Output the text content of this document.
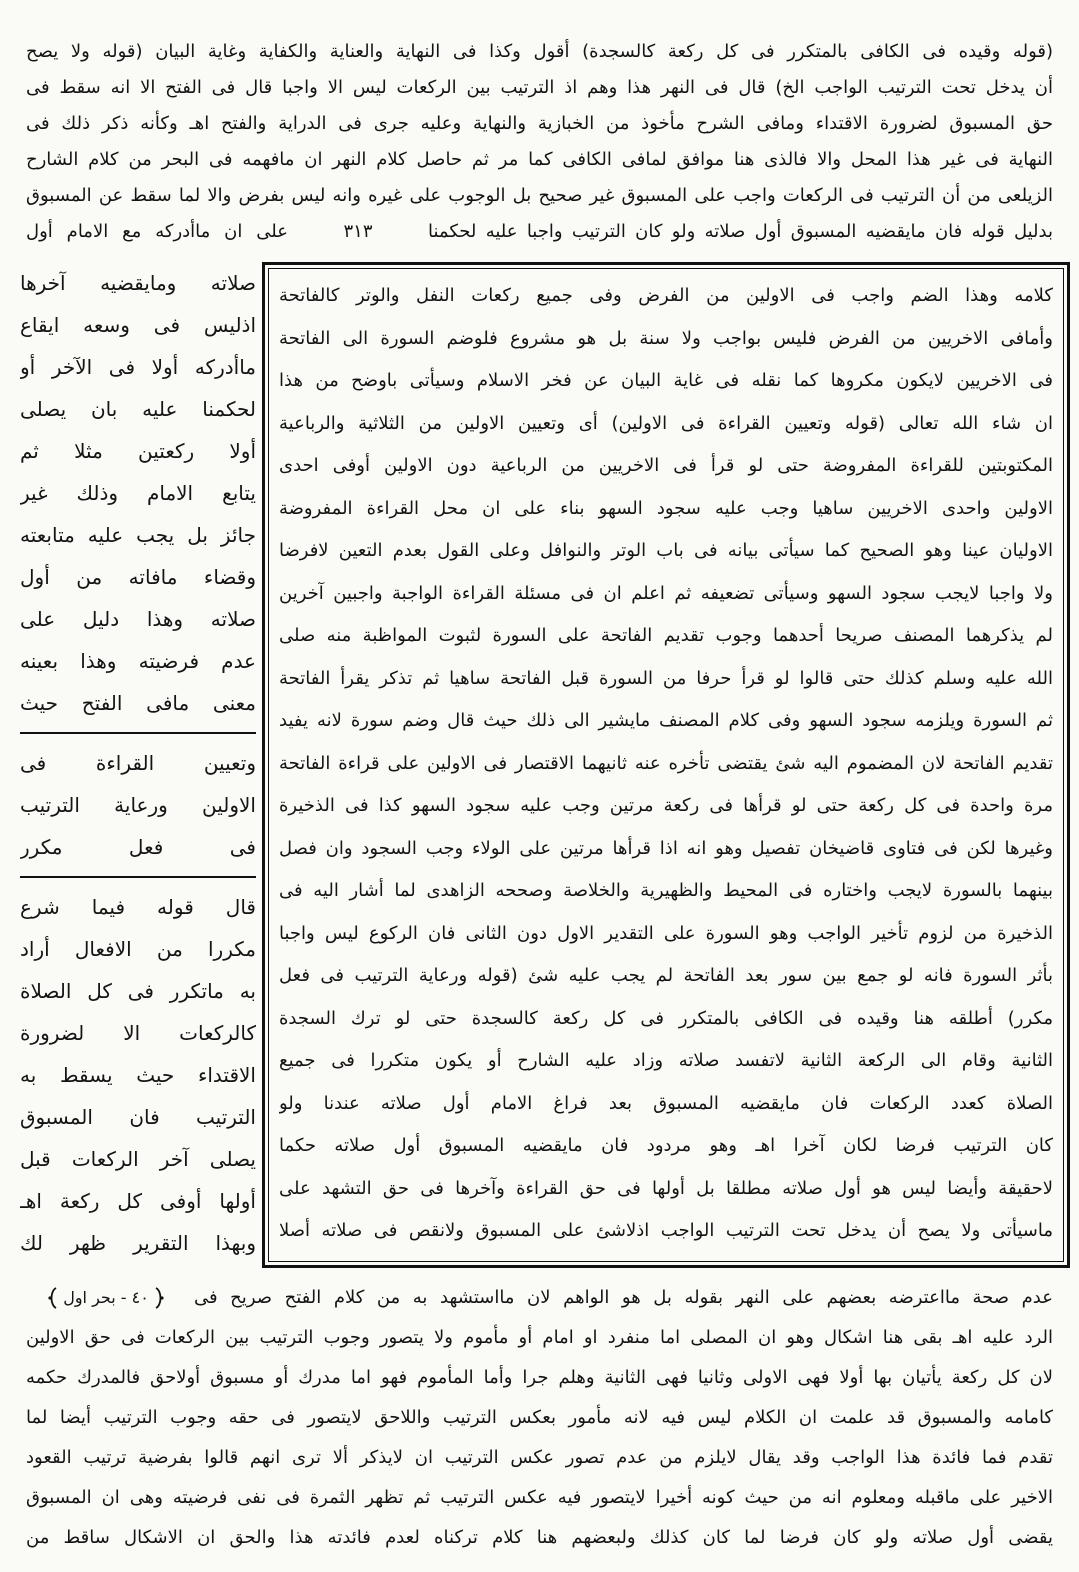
(قوله وقيده فى الكافى بالمتكرر فى كل ركعة كالسجدة) أقول وكذا فى النهاية والعناية والكفاية وغاية البيان (قوله ولا يصح
أن يدخل تحت الترتيب الواجب الخ) قال فى النهر هذا وهم اذ الترتيب بين الركعات ليس الا واجبا قال فى الفتح الا انه سقط فى
حق المسبوق لضرورة الاقتداء ومافى الشرح مأخوذ من الخبازية والنهاية وعليه جرى فى الدراية والفتح اهـ وكأنه ذكر ذلك فى
النهاية فى غير هذا المحل والا فالذى هنا موافق لمافى الكافى كما مر ثم حاصل كلام النهر ان مافهمه فى البحر من كلام الشارح
الزيلعى من أن الترتيب فى الركعات واجب على المسبوق غير صحيح بل الوجوب على غيره وانه ليس بفرض والا لما سقط عن المسبوق
بدليل قوله فان مايقضيه المسبوق أول صلاته ولو كان الترتيب واجبا عليه لحكمنا
٣١٣
على ان ماأدركه مع الامام أول
كلامه وهذا الضم واجب فى الاولين من الفرض وفى جميع ركعات النفل والوتر كالفاتحة
وأمافى الاخريين من الفرض فليس بواجب ولا سنة بل هو مشروع فلوضم السورة الى الفاتحة
فى الاخريين لايكون مكروها كما نقله فى غاية البيان عن فخر الاسلام وسيأتى باوضح من هذا
ان شاء الله تعالى (قوله وتعيين القراءة فى الاولين) أى وتعيين الاولين من الثلاثية والرباعية
المكتوبتين للقراءة المفروضة حتى لو قرأ فى الاخريين من الرباعية دون الاولين أوفى احدى
الاولين واحدى الاخريين ساهيا وجب عليه سجود السهو بناء على ان محل القراءة المفروضة
الاوليان عينا وهو الصحيح كما سيأتى بيانه فى باب الوتر والنوافل وعلى القول بعدم التعين لافرضا
ولا واجبا لايجب سجود السهو وسيأتى تضعيفه ثم اعلم ان فى مسئلة القراءة الواجبة واجبين آخرين
لم يذكرهما المصنف صريحا أحدهما وجوب تقديم الفاتحة على السورة لثبوت المواظبة منه صلى
الله عليه وسلم كذلك حتى قالوا لو قرأ حرفا من السورة قبل الفاتحة ساهيا ثم تذكر يقرأ الفاتحة
ثم السورة ويلزمه سجود السهو وفى كلام المصنف مايشير الى ذلك حيث قال وضم سورة لانه يفيد
تقديم الفاتحة لان المضموم اليه شئ يقتضى تأخره عنه ثانيهما الاقتصار فى الاولين على قراءة الفاتحة
مرة واحدة فى كل ركعة حتى لو قرأها فى ركعة مرتين وجب عليه سجود السهو كذا فى الذخيرة
وغيرها لكن فى فتاوى قاضيخان تفصيل وهو انه اذا قرأها مرتين على الولاء وجب السجود وان فصل
بينهما بالسورة لايجب واختاره فى المحيط والظهيرية والخلاصة وصححه الزاهدى لما أشار اليه فى
الذخيرة من لزوم تأخير الواجب وهو السورة على التقدير الاول دون الثانى فان الركوع ليس واجبا
بأثر السورة فانه لو جمع بين سور بعد الفاتحة لم يجب عليه شئ (قوله ورعاية الترتيب فى فعل
مكرر) أطلقه هنا وقيده فى الكافى بالمتكرر فى كل ركعة كالسجدة حتى لو ترك السجدة
الثانية وقام الى الركعة الثانية لاتفسد صلاته وزاد عليه الشارح أو يكون متكررا فى جميع
الصلاة كعدد الركعات فان مايقضيه المسبوق بعد فراغ الامام أول صلاته عندنا ولو
كان الترتيب فرضا لكان آخرا اهـ وهو مردود فان مايقضيه المسبوق أول صلاته حكما
لاحقيقة وأيضا ليس هو أول صلاته مطلقا بل أولها فى حق القراءة وآخرها فى حق التشهد على
ماسيأتى ولا يصح أن يدخل تحت الترتيب الواجب اذلاشئ على المسبوق ولانقص فى صلاته أصلا
صلاته ومايقضيه آخرها
اذليس فى وسعه ايقاع
ماأدركه أولا فى الآخر أو
لحكمنا عليه بان يصلى
أولا ركعتين مثلا ثم
يتابع الامام وذلك غير
جائز بل يجب عليه متابعته
وقضاء مافاته من أول
صلاته وهذا دليل على
عدم فرضيته وهذا بعينه
معنى مافى الفتح حيث
وتعيين القراءة فى
الاولين ورعاية الترتيب
فى فعل مكرر
قال قوله فيما شرع
مكررا من الافعال أراد
به ماتكرر فى كل الصلاة
كالركعات الا لضرورة
الاقتداء حيث يسقط به
الترتيب فان المسبوق
يصلى آخر الركعات قبل
أولها أوفى كل ركعة اهـ
وبهذا التقرير ظهر لك
عدم صحة مااعترضه بعضهم على النهر بقوله بل هو الواهم لان مااستشهد به من كلام الفتح صريح فى
٤٠ - بحر اول
الرد عليه اهـ بقى هنا اشكال وهو ان المصلى اما منفرد او امام أو مأموم ولا يتصور وجوب الترتيب بين الركعات فى حق الاولين
لان كل ركعة يأتيان بها أولا فهى الاولى وثانيا فهى الثانية وهلم جرا وأما المأموم فهو اما مدرك أو مسبوق أولاحق فالمدرك حكمه
كامامه والمسبوق قد علمت ان الكلام ليس فيه لانه مأمور بعكس الترتيب واللاحق لايتصور فى حقه وجوب الترتيب أيضا لما
تقدم فما فائدة هذا الواجب وقد يقال لايلزم من عدم تصور عكس الترتيب ان لايذكر ألا ترى انهم قالوا بفرضية ترتيب القعود
الاخير على ماقبله ومعلوم انه من حيث كونه أخيرا لايتصور فيه عكس الترتيب ثم تظهر الثمرة فى نفى فرضيته وهى ان المسبوق
يقضى أول صلاته ولو كان فرضا لما كان كذلك ولبعضهم هنا كلام تركناه لعدم فائدته هذا والحق ان الاشكال ساقط من
